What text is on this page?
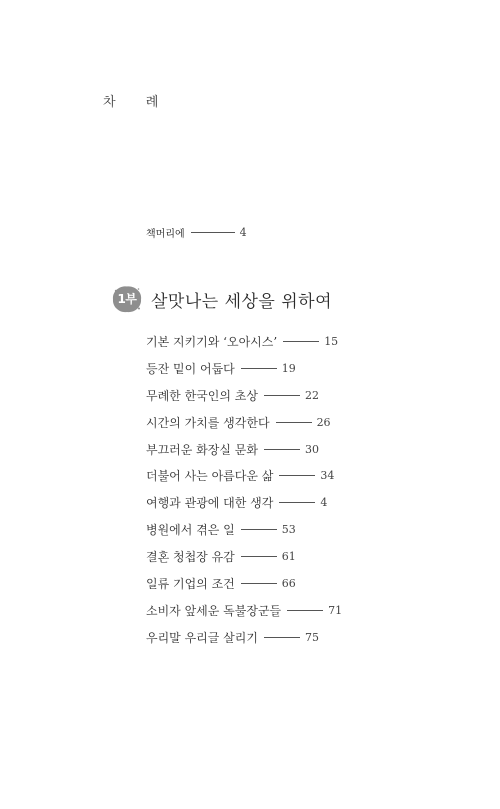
차 례
책머리에	4
1부 살맛나는 세상을 위하여
기본 지키기와 ‘오아시스’	15
등잔 밑이 어둡다	19
무례한 한국인의 초상	22
시간의 가치를 생각한다	26
부끄러운 화장실 문화	30
더불어 사는 아름다운 삶	34
여행과 관광에 대한 생각	4
병원에서 겪은 일	53
결혼 청첩장 유감	61
일류 기업의 조건	66
소비자 앞세운 독불장군들	71
우리말 우리글 살리기	75
